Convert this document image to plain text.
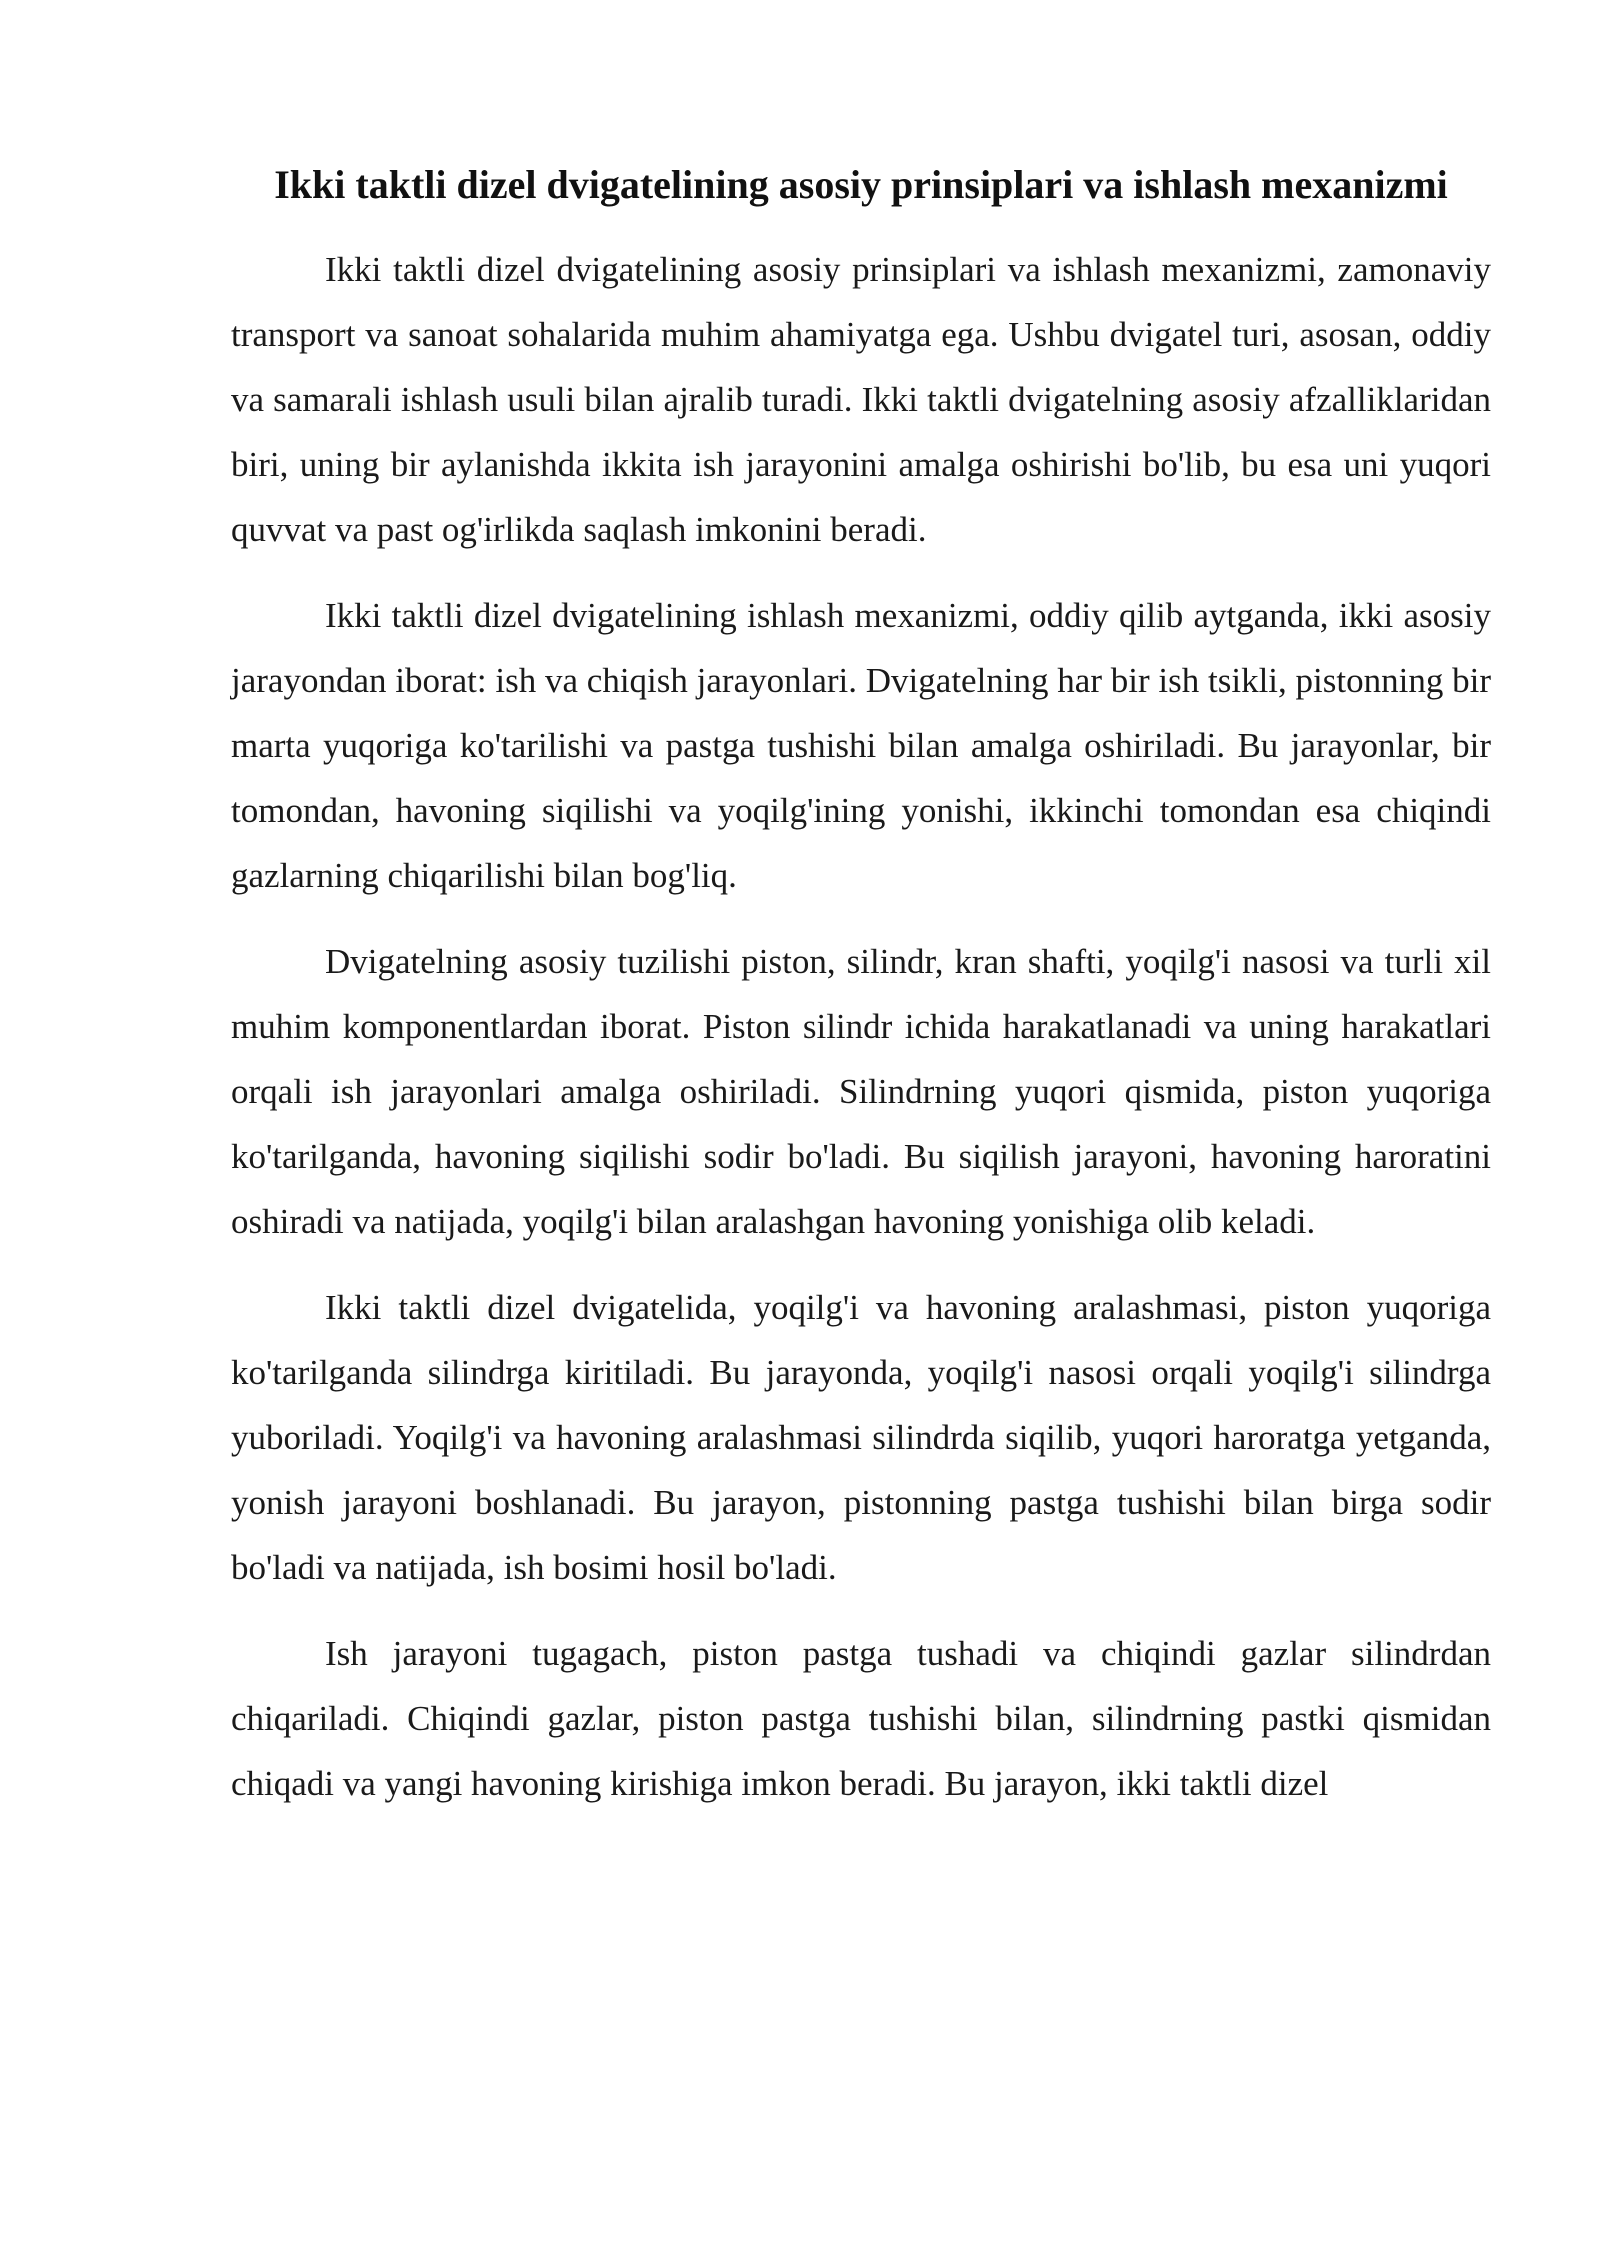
Ikki taktli dizel dvigatelining asosiy prinsiplari va ishlash mexanizmi

Ikki taktli dizel dvigatelining asosiy prinsiplari va ishlash mexanizmi, zamonaviy transport va sanoat sohalarida muhim ahamiyatga ega. Ushbu dvigatel turi, asosan, oddiy va samarali ishlash usuli bilan ajralib turadi. Ikki taktli dvigatelning asosiy afzalliklaridan biri, uning bir aylanishda ikkita ish jarayonini amalga oshirishi bo'lib, bu esa uni yuqori quvvat va past og'irlikda saqlash imkonini beradi.

Ikki taktli dizel dvigatelining ishlash mexanizmi, oddiy qilib aytganda, ikki asosiy jarayondan iborat: ish va chiqish jarayonlari. Dvigatelning har bir ish tsikli, pistonning bir marta yuqoriga ko'tarilishi va pastga tushishi bilan amalga oshiriladi. Bu jarayonlar, bir tomondan, havoning siqilishi va yoqilg'ining yonishi, ikkinchi tomondan esa chiqindi gazlarning chiqarilishi bilan bog'liq.

Dvigatelning asosiy tuzilishi piston, silindr, kran shafti, yoqilg'i nasosi va turli xil muhim komponentlardan iborat. Piston silindr ichida harakatlanadi va uning harakatlari orqali ish jarayonlari amalga oshiriladi. Silindrning yuqori qismida, piston yuqoriga ko'tarilganda, havoning siqilishi sodir bo'ladi. Bu siqilish jarayoni, havoning haroratini oshiradi va natijada, yoqilg'i bilan aralashgan havoning yonishiga olib keladi.

Ikki taktli dizel dvigatelida, yoqilg'i va havoning aralashmasi, piston yuqoriga ko'tarilganda silindrga kiritiladi. Bu jarayonda, yoqilg'i nasosi orqali yoqilg'i silindrga yuboriladi. Yoqilg'i va havoning aralashmasi silindrda siqilib, yuqori haroratga yetganda, yonish jarayoni boshlanadi. Bu jarayon, pistonning pastga tushishi bilan birga sodir bo'ladi va natijada, ish bosimi hosil bo'ladi.

Ish jarayoni tugagach, piston pastga tushadi va chiqindi gazlar silindrdan chiqariladi. Chiqindi gazlar, piston pastga tushishi bilan, silindrning pastki qismidan chiqadi va yangi havoning kirishiga imkon beradi. Bu jarayon, ikki taktli dizel
